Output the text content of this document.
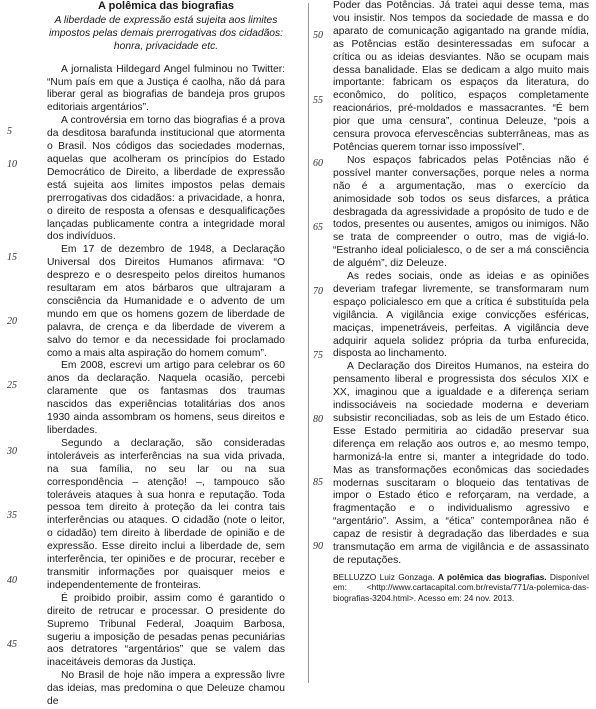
A polêmica das biografias
A liberdade de expressão está sujeita aos limites impostos pelas demais prerrogativas dos cidadãos: honra, privacidade etc.

A jornalista Hildegard Angel fulminou no Twitter: “Num país em que a Justiça é caolha, não dá para liberar geral as biografias de bandeja pros grupos editoriais argentários”.

A controvérsia em torno das biografias é a prova da desditosa barafunda institucional que atormenta o Brasil. Nos códigos das sociedades modernas, aquelas que acolheram os princípios do Estado Democrático de Direito, a liberdade de expressão está sujeita aos limites impostos pelas demais prerrogativas dos cidadãos: a privacidade, a honra, o direito de resposta a ofensas e desqualificações lançadas publicamente contra a integridade moral dos indivíduos.

Em 17 de dezembro de 1948, a Declaração Universal dos Direitos Humanos afirmava: “O desprezo e o desrespeito pelos direitos humanos resultaram em atos bárbaros que ultrajaram a consciência da Humanidade e o advento de um mundo em que os homens gozem de liberdade de palavra, de crença e da liberdade de viverem a salvo do temor e da necessidade foi proclamado como a mais alta aspiração do homem comum”.

Em 2008, escrevi um artigo para celebrar os 60 anos da declaração. Naquela ocasião, percebi claramente que os fantasmas dos traumas nascidos das experiências totalitárias dos anos 1930 ainda assombram os homens, seus direitos e liberdades.

Segundo a declaração, são consideradas intoleráveis as interferências na sua vida privada, na sua família, no seu lar ou na sua correspondência – atenção! –, tampouco são toleráveis ataques à sua honra e reputação. Toda pessoa tem direito à proteção da lei contra tais interferências ou ataques. O cidadão (note o leitor, o cidadão) tem direito à liberdade de opinião e de expressão. Esse direito inclui a liberdade de, sem interferência, ter opiniões e de procurar, receber e transmitir informações por quaisquer meios e independentemente de fronteiras.

É proibido proibir, assim como é garantido o direito de retrucar e processar. O presidente do Supremo Tribunal Federal, Joaquim Barbosa, sugeriu a imposição de pesadas penas pecuniárias aos detratores “argentários” que se valem das inaceitáveis demoras da Justiça.

No Brasil de hoje não impera a expressão livre das ideias, mas predomina o que Deleuze chamou de

Poder das Potências. Já tratei aqui desse tema, mas vou insistir. Nos tempos da sociedade de massa e do aparato de comunicação agigantado na grande mídia, as Potências estão desinteressadas em sufocar a crítica ou as ideias desviantes. Não se ocupam mais dessa banalidade. Elas se dedicam a algo muito mais importante: fabricam os espaços da literatura, do econômico, do político, espaços completamente reacionários, pré-moldados e massacrantes. “É bem pior que uma censura”, continua Deleuze, “pois a censura provoca efervescências subterrâneas, mas as Potências querem tornar isso impossível”.

Nos espaços fabricados pelas Potências não é possível manter conversações, porque neles a norma não é a argumentação, mas o exercício da animosidade sob todos os seus disfarces, a prática desbragada da agressividade a propósito de tudo e de todos, presentes ou ausentes, amigos ou inimigos. Não se trata de compreender o outro, mas de vigiá-lo. “Estranho ideal policialesco, o de ser a má consciência de alguém”, diz Deleuze.

As redes sociais, onde as ideias e as opiniões deveriam trafegar livremente, se transformaram num espaço policialesco em que a crítica é substituída pela vigilância. A vigilância exige convicções esféricas, maciças, impenetráveis, perfeitas. A vigilância deve adquirir aquela solidez própria da turba enfurecida, disposta ao linchamento.

A Declaração dos Direitos Humanos, na esteira do pensamento liberal e progressista dos séculos XIX e XX, imaginou que a igualdade e a diferença seriam indissociáveis na sociedade moderna e deveriam subsistir reconciliadas, sob as leis de um Estado ético. Esse Estado permitiria ao cidadão preservar sua diferença em relação aos outros e, ao mesmo tempo, harmonizá-la entre si, manter a integridade do todo. Mas as transformações econômicas das sociedades modernas suscitaram o bloqueio das tentativas de impor o Estado ético e reforçaram, na verdade, a fragmentação e o individualismo agressivo e “argentário”. Assim, a “ética” contemporânea não é capaz de resistir à degradação das liberdades e sua transmutação em arma de vigilância e de assassinato de reputações.

BELLUZZO Luiz Gonzaga. A polêmica das biografias. Disponível em: <http://www.cartacapital.com.br/revista/771/a-polemica-das-biografias-3204.html>. Acesso em: 24 nov. 2013.
5
10
15
20
25
30
35
40
45
50
55
60
65
70
75
80
85
90
